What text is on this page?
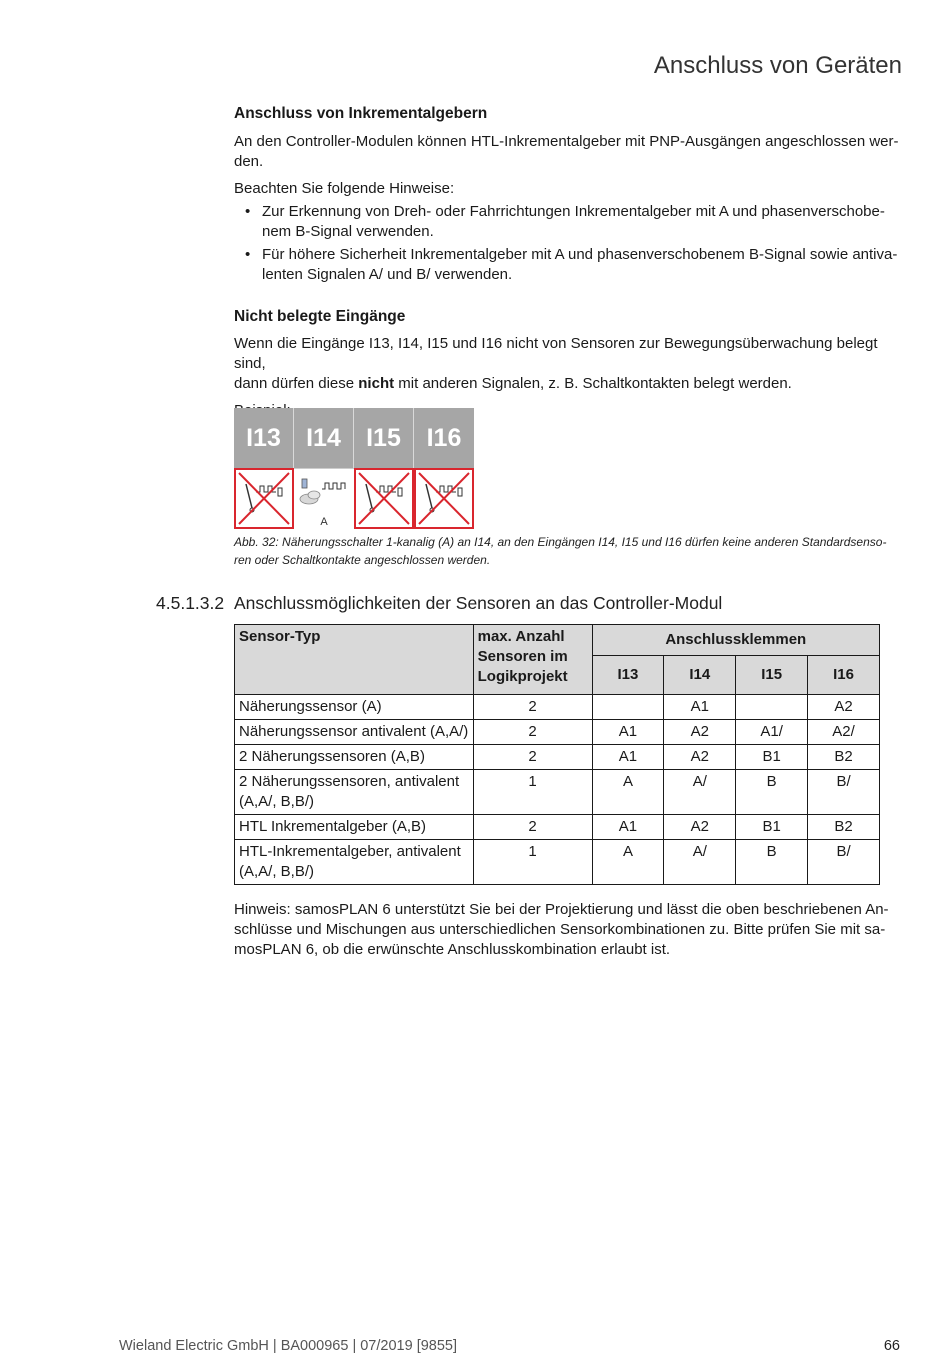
Anschluss von Geräten
Anschluss von Inkrementalgebern

An den Controller-Modulen können HTL-Inkrementalgeber mit PNP-Ausgängen angeschlossen wer-
den.

Beachten Sie folgende Hinweise:

• Zur Erkennung von Dreh- oder Fahrrichtungen Inkrementalgeber mit A und phasenverschobe-
nem B-Signal verwenden.
• Für höhere Sicherheit Inkrementalgeber mit A und phasenverschobenem B-Signal sowie antiva-
lenten Signalen A/ und B/ verwenden.
Nicht belegte Eingänge

Wenn die Eingänge I13, I14, I15 und I16 nicht von Sensoren zur Bewegungsüberwachung belegt sind,
dann dürfen diese nicht mit anderen Signalen, z. B. Schaltkontakten belegt werden.

I13	I14	I15	I16
A
Abb. 32: Näherungsschalter 1-kanalig (A) an I14, an den Eingängen I14, I15 und I16 dürfen keine anderen Standardsenso-
ren oder Schaltkontakte angeschlossen werden.
4.5.1.3.2 Anschlussmöglichkeiten der Sensoren an das Controller-Modul
Sensor-Typ	max. Anzahl
Sensoren im
Logikprojekt	Anschlussklemmen			
		I13	I14	I15	I16
Näherungssensor (A)	2		A1		A2
Näherungssensor antivalent (A,A/)	2	A1	A2	A1/	A2/
2 Näherungssensoren (A,B)	2	A1	A2	B1	B2
2 Näherungssensoren, antivalent
(A,A/, B,B/)	1	A	A/	B	B/
HTL Inkrementalgeber (A,B)	2	A1	A2	B1	B2
HTL-Inkrementalgeber, antivalent
(A,A/, B,B/)	1	A	A/	B	B/
Hinweis: samosPLAN 6 unterstützt Sie bei der Projektierung und lässt die oben beschriebenen An-
schlüsse und Mischungen aus unterschiedlichen Sensorkombinationen zu. Bitte prüfen Sie mit sa-
mosPLAN 6, ob die erwünschte Anschlusskombination erlaubt ist.
Wieland Electric GmbH | BA000965 | 07/2019 [9855]	66
